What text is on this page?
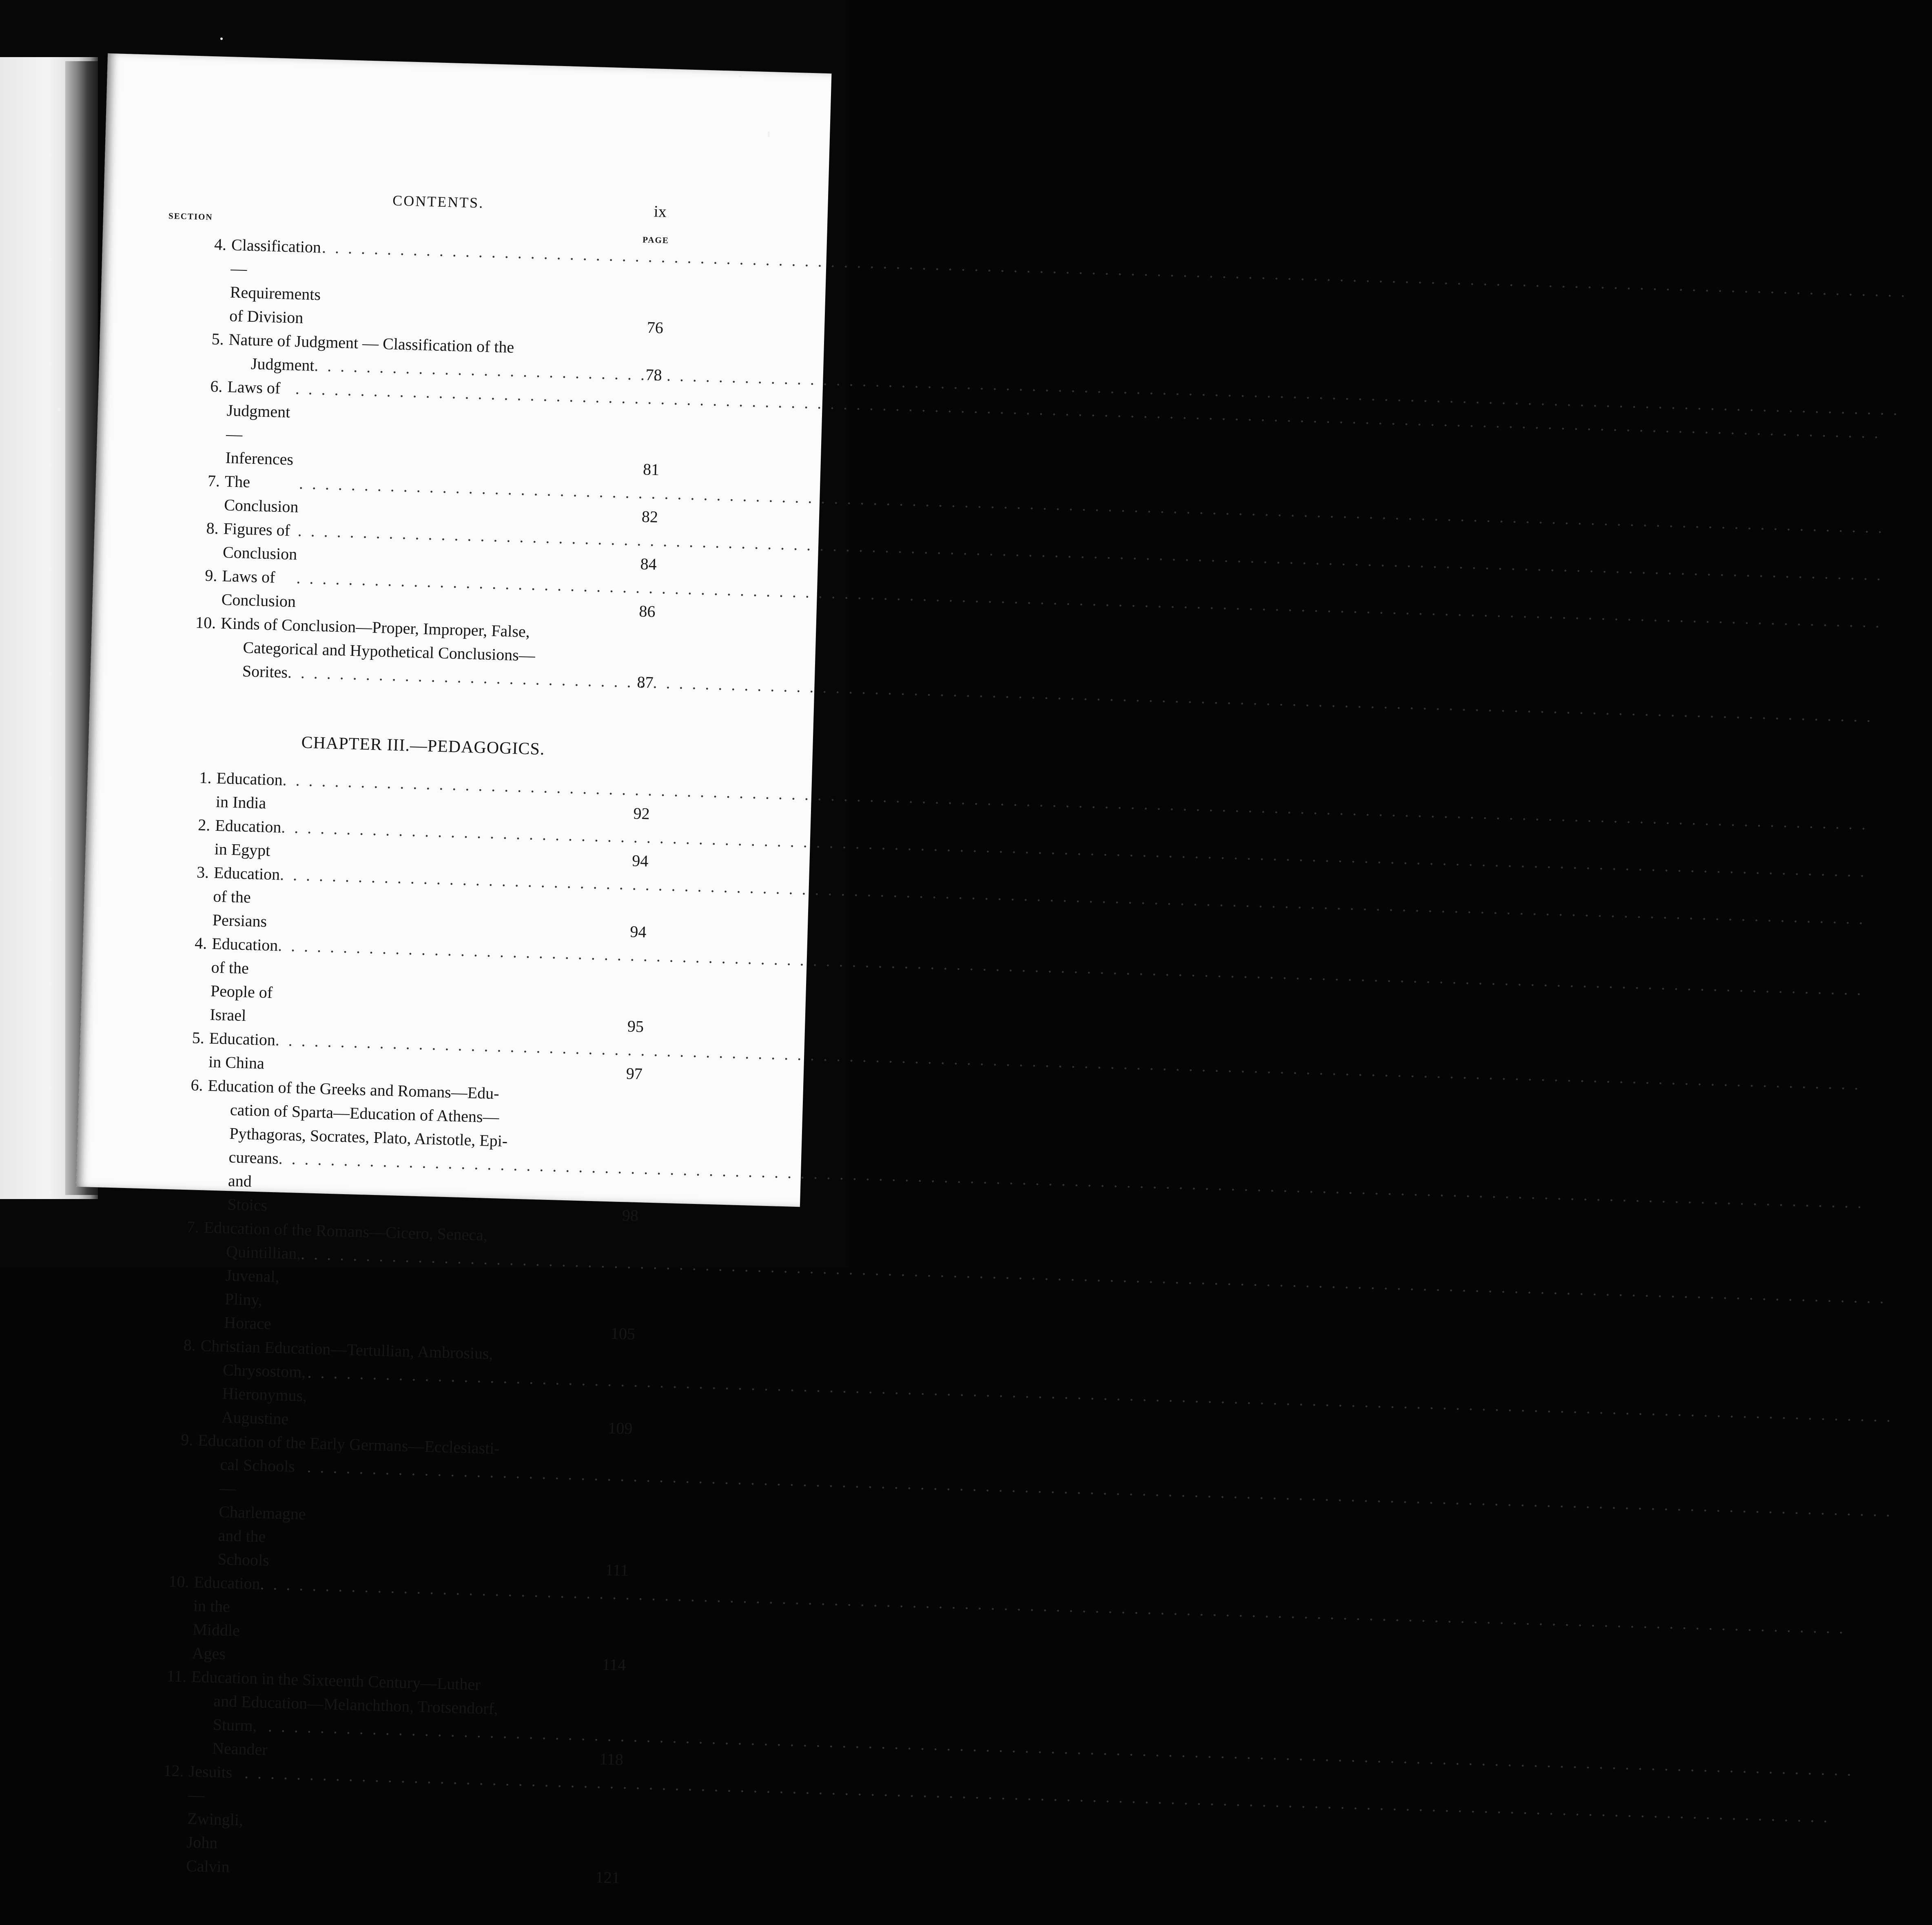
CONTENTS.
ix
SECTION
PAGE
4. Classification—Requirements of Division
. . .
76
5. Nature of Judgment — Classification of the
Judgment
. . .
78
6. Laws of Judgment—Inferences
. . .
81
7. The Conclusion
. . .
82
8. Figures of Conclusion
. . .
84
9. Laws of Conclusion
. . .
86
10. Kinds of Conclusion—Proper, Improper, False,
Categorical and Hypothetical Conclusions—
Sorites
. . .
87
CHAPTER III.—PEDAGOGICS.
1. Education in India
. . .
92
2. Education in Egypt
. . .
94
3. Education of the Persians
. . .
94
4. Education of the People of Israel
. . .
95
5. Education in China
. . .
97
6. Education of the Greeks and Romans—Edu-
cation of Sparta—Education of Athens—
Pythagoras, Socrates, Plato, Aristotle, Epi-
cureans and Stoics
. . .
98
7. Education of the Romans—Cicero, Seneca,
Quintillian, Juvenal, Pliny, Horace
. . .
105
8. Christian Education—Tertullian, Ambrosius,
Chrysostom, Hieronymus, Augustine
. . .
109
9. Education of the Early Germans—Ecclesiasti-
cal Schools—Charlemagne and the Schools
. . .
111
10. Education in the Middle Ages
. . .
114
11. Education in the Sixteenth Century—Luther
and Education—Melanchthon, Trotsendorf,
Sturm, Neander
. . .
118
12. Jesuits—Zwingli, John Calvin
. . .
121
